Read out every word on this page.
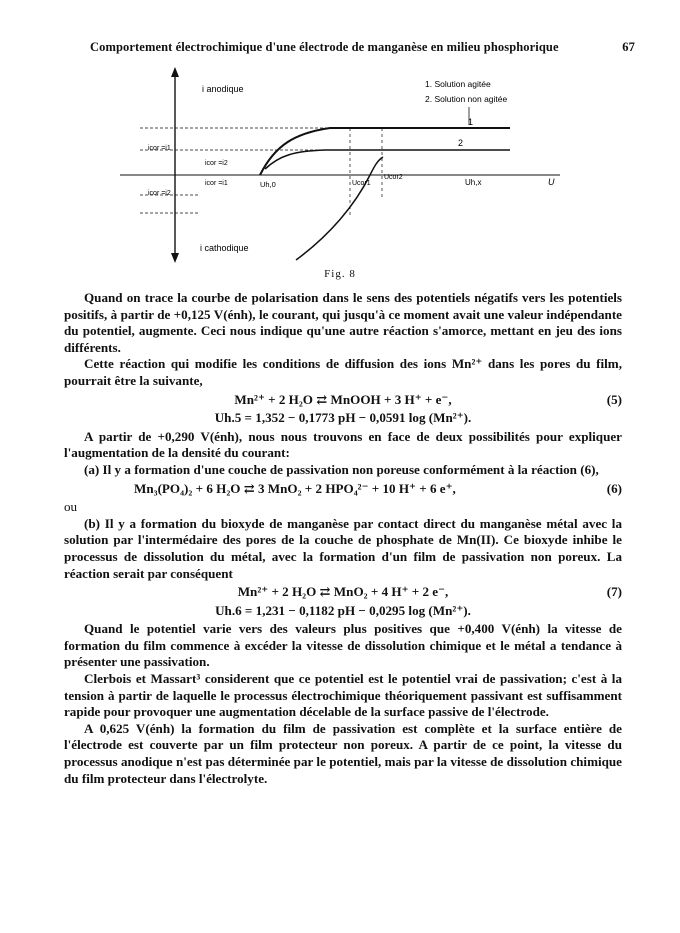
Comportement électrochimique d'une électrode de manganèse en milieu phosphorique	67
i anodique
i cathodique
1. Solution agitée
2. Solution non agitée
1
2
icor =i1
icor =i2
icor =i2
icor =i1	Uh,0	Ucor1
Ucor2
Uh,x	U
Fig. 8

Quand on trace la courbe de polarisation dans le sens des potentiels négatifs vers les potentiels positifs, à partir de +0,125 V(énh), le courant, qui jusqu'à ce moment avait une valeur indépendante du potentiel, augmente. Ceci nous indique qu'une autre réaction s'amorce, mettant en jeu des ions différents.

Cette réaction qui modifie les conditions de diffusion des ions Mn²⁺ dans les pores du film, pourrait être la suivante,

Mn²⁺ + 2 H₂O ⇄ MnOOH + 3 H⁺ + e⁻,	(5)
Uh.5 = 1,352 − 0,1773 pH − 0,0591 log (Mn²⁺).

A partir de +0,290 V(énh), nous nous trouvons en face de deux possibilités pour expliquer l'augmentation de la densité du courant:

(a) Il y a formation d'une couche de passivation non poreuse conformément à la réaction (6),

Mn₃(PO₄)₂ + 6 H₂O ⇄ 3 MnO₂ + 2 HPO₄²⁻ + 10 H⁺ + 6 e⁺,	(6)

ou

(b) Il y a formation du bioxyde de manganèse par contact direct du manganèse métal avec la solution par l'intermédaire des pores de la couche de phosphate de Mn(II). Ce bioxyde inhibe le processus de dissolution du métal, avec la formation d'un film de passivation non poreux. La réaction serait par conséquent

Mn²⁺ + 2 H₂O ⇄ MnO₂ + 4 H⁺ + 2 e⁻,	(7)
Uh.6 = 1,231 − 0,1182 pH − 0,0295 log (Mn²⁺).

Quand le potentiel varie vers des valeurs plus positives que +0,400 V(énh) la vitesse de formation du film commence à excéder la vitesse de dissolution chimique et le métal a tendance à présenter une passivation.

Clerbois et Massart³ considerent que ce potentiel est le potentiel vrai de passivation; c'est à la tension à partir de laquelle le processus électrochimique théoriquement passivant est suffisamment rapide pour provoquer une augmentation décelable de la surface passive de l'électrode.

A 0,625 V(énh) la formation du film de passivation est complète et la surface entière de l'électrode est couverte par un film protecteur non poreux. A partir de ce point, la vitesse du processus anodique n'est pas déterminée par le potentiel, mais par la vitesse de dissolution chimique du film protecteur dans l'électrolyte.
